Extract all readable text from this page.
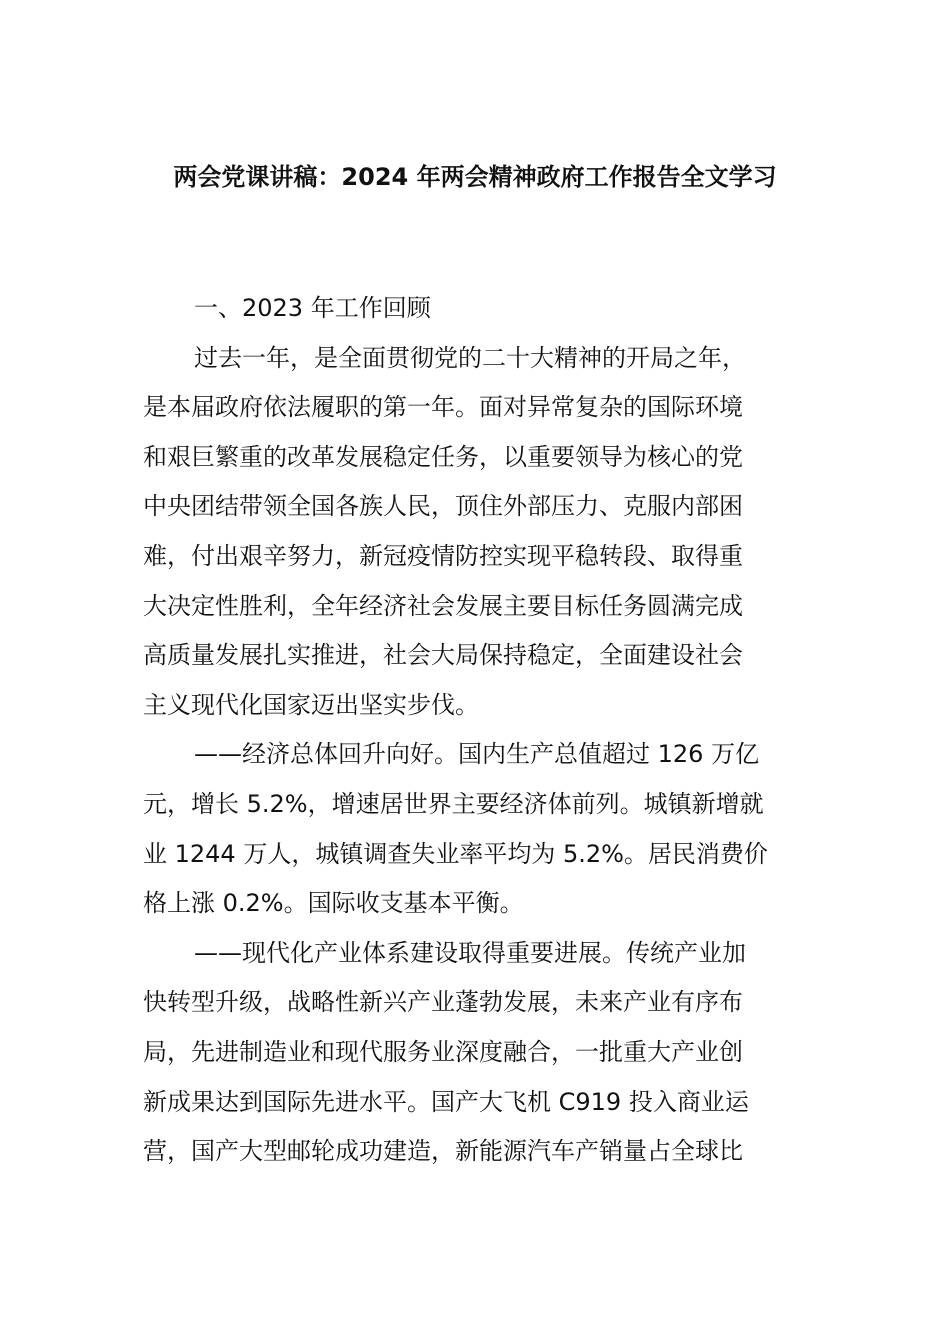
两会党课讲稿：2024 年两会精神政府工作报告全文学习
一、2023 年工作回顾
过去一年，是全面贯彻党的二十大精神的开局之年，
是本届政府依法履职的第一年。面对异常复杂的国际环境
和艰巨繁重的改革发展稳定任务，以重要领导为核心的党
中央团结带领全国各族人民，顶住外部压力、克服内部困
难，付出艰辛努力，新冠疫情防控实现平稳转段、取得重
大决定性胜利，全年经济社会发展主要目标任务圆满完成
高质量发展扎实推进，社会大局保持稳定，全面建设社会
主义现代化国家迈出坚实步伐。
——经济总体回升向好。国内生产总值超过 126 万亿
元，增长 5.2%，增速居世界主要经济体前列。城镇新增就
业 1244 万人，城镇调查失业率平均为 5.2%。居民消费价
格上涨 0.2%。国际收支基本平衡。
——现代化产业体系建设取得重要进展。传统产业加
快转型升级，战略性新兴产业蓬勃发展，未来产业有序布
局，先进制造业和现代服务业深度融合，一批重大产业创
新成果达到国际先进水平。国产大飞机 C919 投入商业运
营，国产大型邮轮成功建造，新能源汽车产销量占全球比
